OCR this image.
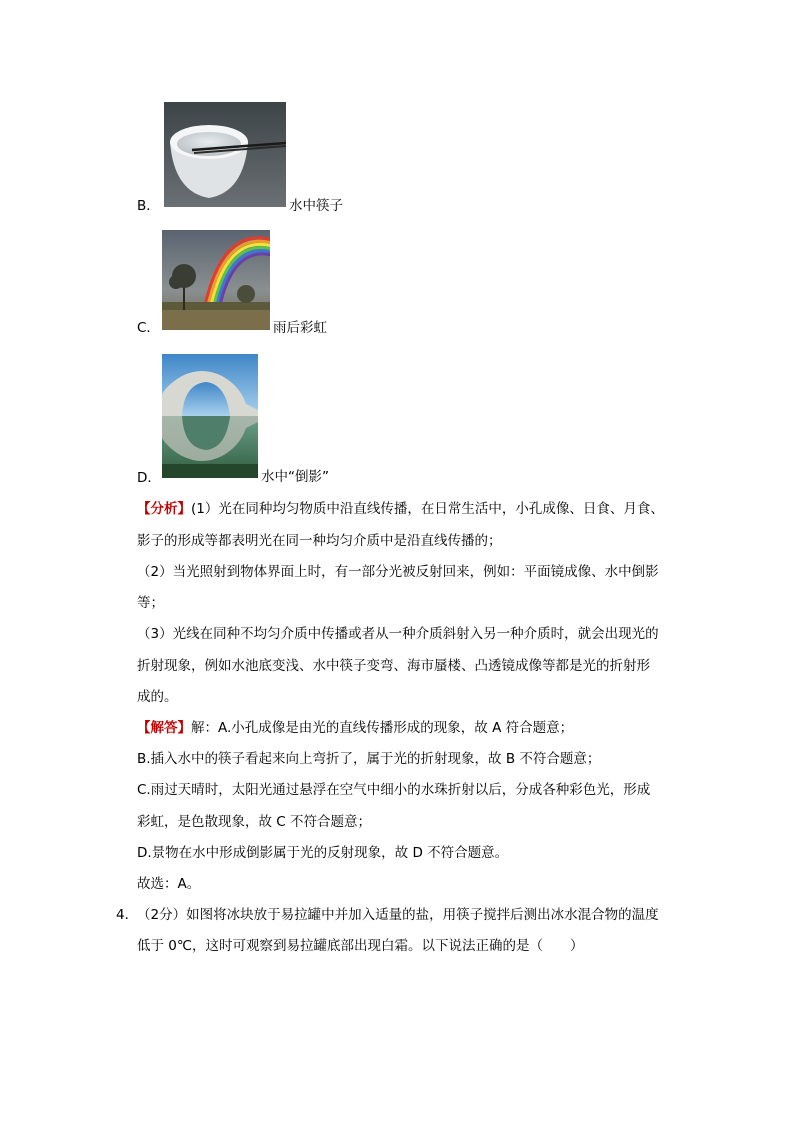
B．	水中筷子
C．	雨后彩虹
D．	水中“倒影”
【分析】(1）光在同种均匀物质中沿直线传播，在日常生活中，小孔成像、日食、月食、
影子的形成等都表明光在同一种均匀介质中是沿直线传播的；
（2）当光照射到物体界面上时，有一部分光被反射回来，例如：平面镜成像、水中倒影
等；
（3）光线在同种不均匀介质中传播或者从一种介质斜射入另一种介质时，就会出现光的
折射现象，例如水池底变浅、水中筷子变弯、海市蜃楼、凸透镜成像等都是光的折射形
成的。
【解答】解：A.小孔成像是由光的直线传播形成的现象，故 A 符合题意；
B.插入水中的筷子看起来向上弯折了，属于光的折射现象，故 B 不符合题意；
C.雨过天晴时，太阳光通过悬浮在空气中细小的水珠折射以后，分成各种彩色光，形成
彩虹，是色散现象，故 C 不符合题意；
D.景物在水中形成倒影属于光的反射现象，故 D 不符合题意。
故选：A。
4．
（2分）如图将冰块放于易拉罐中并加入适量的盐，用筷子搅拌后测出冰水混合物的温度
低于 0℃，这时可观察到易拉罐底部出现白霜。以下说法正确的是（　　）
